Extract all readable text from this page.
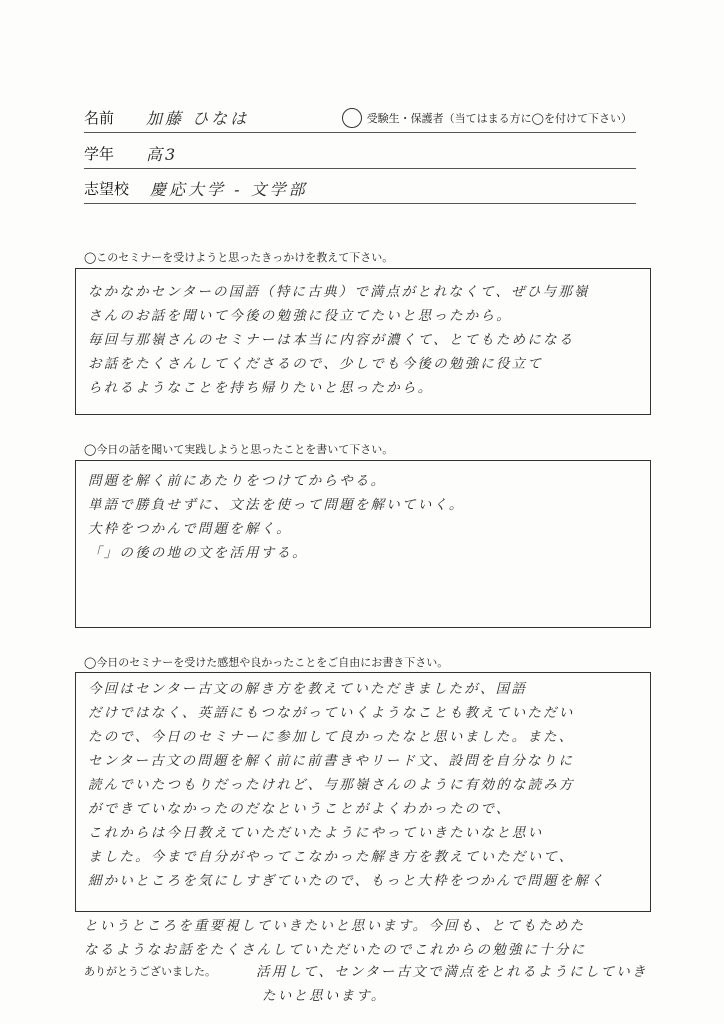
名前 加藤 ひなは	受験生・保護者（当てはまる方に◯を付けて下さい）
学年 高3
志望校 慶応大学 - 文学部
◯このセミナーを受けようと思ったきっかけを教えて下さい。
なかなかセンターの国語（特に古典）で満点がとれなくて、ぜひ与那嶺
さんのお話を聞いて今後の勉強に役立てたいと思ったから。
毎回与那嶺さんのセミナーは本当に内容が濃くて、とてもためになる
お話をたくさんしてくださるので、少しでも今後の勉強に役立て
られるようなことを持ち帰りたいと思ったから。
◯今日の話を聞いて実践しようと思ったことを書いて下さい。
問題を解く前にあたりをつけてからやる。
単語で勝負せずに、文法を使って問題を解いていく。
大枠をつかんで問題を解く。
「」の後の地の文を活用する。
◯今日のセミナーを受けた感想や良かったことをご自由にお書き下さい。
今回はセンター古文の解き方を教えていただきましたが、国語
だけではなく、英語にもつながっていくようなことも教えていただい
たので、今日のセミナーに参加して良かったなと思いました。また、
センター古文の問題を解く前に前書きやリード文、設問を自分なりに
読んでいたつもりだったけれど、与那嶺さんのように有効的な読み方
ができていなかったのだなということがよくわかったので、
これからは今日教えていただいたようにやっていきたいなと思い
ました。今まで自分がやってこなかった解き方を教えていただいて、
細かいところを気にしすぎていたので、もっと大枠をつかんで問題を解く
というところを重要視していきたいと思います。今回も、とてもためた
なるようなお話をたくさんしていただいたのでこれからの勉強に十分に
ありがとうございました。	活用して、センター古文で満点をとれるようにしていき
たいと思います。
